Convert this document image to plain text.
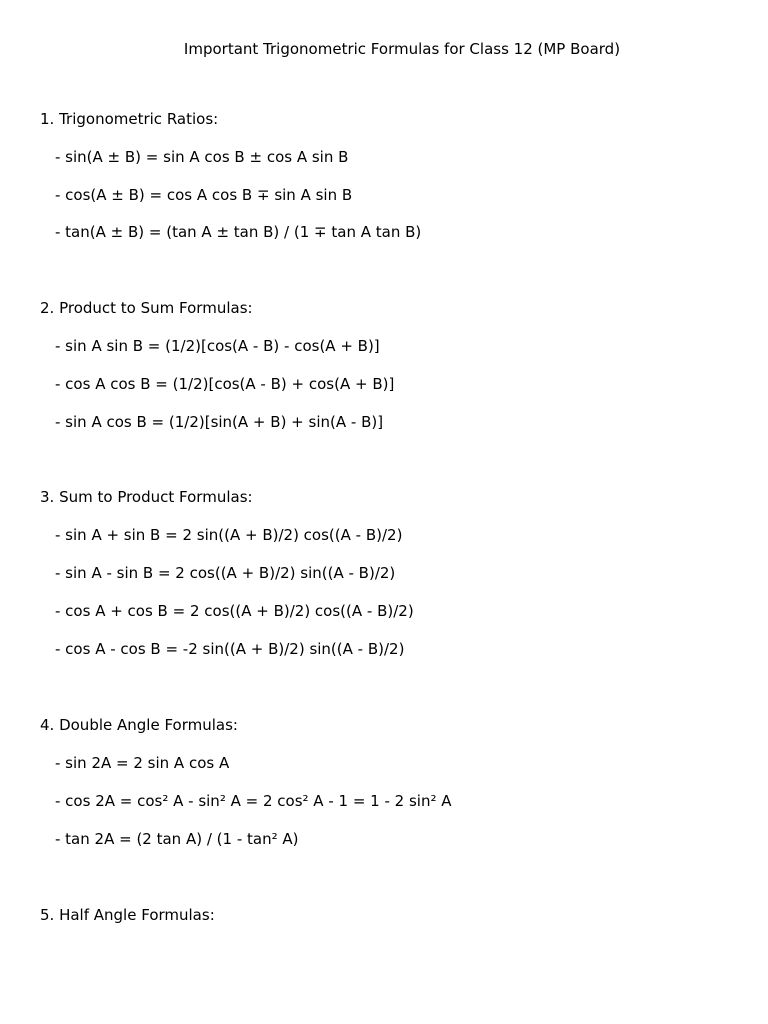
Important Trigonometric Formulas for Class 12 (MP Board)
1. Trigonometric Ratios:
- sin(A ± B) = sin A cos B ± cos A sin B
- cos(A ± B) = cos A cos B ∓ sin A sin B
- tan(A ± B) = (tan A ± tan B) / (1 ∓ tan A tan B)
2. Product to Sum Formulas:
- sin A sin B = (1/2)[cos(A - B) - cos(A + B)]
- cos A cos B = (1/2)[cos(A - B) + cos(A + B)]
- sin A cos B = (1/2)[sin(A + B) + sin(A - B)]
3. Sum to Product Formulas:
- sin A + sin B = 2 sin((A + B)/2) cos((A - B)/2)
- sin A - sin B = 2 cos((A + B)/2) sin((A - B)/2)
- cos A + cos B = 2 cos((A + B)/2) cos((A - B)/2)
- cos A - cos B = -2 sin((A + B)/2) sin((A - B)/2)
4. Double Angle Formulas:
- sin 2A = 2 sin A cos A
- cos 2A = cos² A - sin² A = 2 cos² A - 1 = 1 - 2 sin² A
- tan 2A = (2 tan A) / (1 - tan² A)
5. Half Angle Formulas:
